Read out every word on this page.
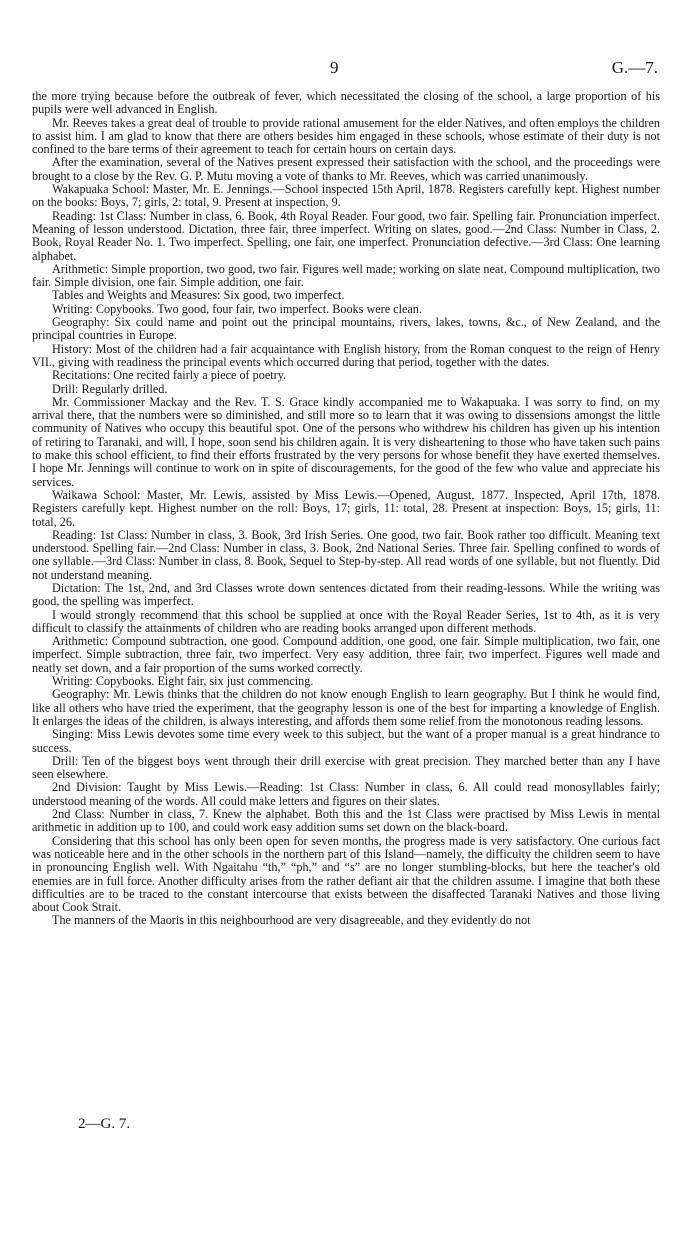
9	G.—7.

the more trying because before the outbreak of fever, which necessitated the closing of the school, a large proportion of his pupils were well advanced in English.

Mr. Reeves takes a great deal of trouble to provide rational amusement for the elder Natives, and often employs the children to assist him. I am glad to know that there are others besides him engaged in these schools, whose estimate of their duty is not confined to the bare terms of their agreement to teach for certain hours on certain days.

After the examination, several of the Natives present expressed their satisfaction with the school, and the proceedings were brought to a close by the Rev. G. P. Mutu moving a vote of thanks to Mr. Reeves, which was carried unanimously.

Wakapuaka School: Master, Mr. E. Jennings.—School inspected 15th April, 1878. Registers carefully kept. Highest number on the books: Boys, 7; girls, 2: total, 9. Present at inspection, 9.

Reading: 1st Class: Number in class, 6. Book, 4th Royal Reader. Four good, two fair. Spelling fair. Pronunciation imperfect. Meaning of lesson understood. Dictation, three fair, three imperfect. Writing on slates, good.—2nd Class: Number in Class, 2. Book, Royal Reader No. 1. Two imperfect. Spelling, one fair, one imperfect. Pronunciation defective.—3rd Class: One learning alphabet.

Arithmetic: Simple proportion, two good, two fair. Figures well made; working on slate neat. Compound multiplication, two fair. Simple division, one fair. Simple addition, one fair.

Tables and Weights and Measures: Six good, two imperfect.

Writing: Copybooks. Two good, four fair, two imperfect. Books were clean.

Geography: Six could name and point out the principal mountains, rivers, lakes, towns, &c., of New Zealand, and the principal countries in Europe.

History: Most of the children had a fair acquaintance with English history, from the Roman conquest to the reign of Henry VII., giving with readiness the principal events which occurred during that period, together with the dates.

Recitations: One recited fairly a piece of poetry.

Drill: Regularly drilled.

Mr. Commissioner Mackay and the Rev. T. S. Grace kindly accompanied me to Wakapuaka. I was sorry to find, on my arrival there, that the numbers were so diminished, and still more so to learn that it was owing to dissensions amongst the little community of Natives who occupy this beautiful spot. One of the persons who withdrew his children has given up his intention of retiring to Taranaki, and will, I hope, soon send his children again. It is very disheartening to those who have taken such pains to make this school efficient, to find their efforts frustrated by the very persons for whose benefit they have exerted themselves. I hope Mr. Jennings will continue to work on in spite of discouragements, for the good of the few who value and appreciate his services.

Waikawa School: Master, Mr. Lewis, assisted by Miss Lewis.—Opened, August, 1877. Inspected, April 17th, 1878. Registers carefully kept. Highest number on the roll: Boys, 17; girls, 11: total, 28. Present at inspection: Boys, 15; girls, 11: total, 26.

Reading: 1st Class: Number in class, 3. Book, 3rd Irish Series. One good, two fair. Book rather too difficult. Meaning text understood. Spelling fair.—2nd Class: Number in class, 3. Book, 2nd National Series. Three fair. Spelling confined to words of one syllable.—3rd Class: Number in class, 8. Book, Sequel to Step-by-step. All read words of one syllable, but not fluently. Did not understand meaning.

Dictation: The 1st, 2nd, and 3rd Classes wrote down sentences dictated from their reading-lessons. While the writing was good, the spelling was imperfect.

I would strongly recommend that this school be supplied at once with the Royal Reader Series, 1st to 4th, as it is very difficult to classify the attainments of children who are reading books arranged upon different methods.

Arithmetic: Compound subtraction, one good. Compound addition, one good, one fair. Simple multiplication, two fair, one imperfect. Simple subtraction, three fair, two imperfect. Very easy addition, three fair, two imperfect. Figures well made and neatly set down, and a fair proportion of the sums worked correctly.

Writing: Copybooks. Eight fair, six just commencing.

Geography: Mr. Lewis thinks that the children do not know enough English to learn geography. But I think he would find, like all others who have tried the experiment, that the geography lesson is one of the best for imparting a knowledge of English. It enlarges the ideas of the children, is always interesting, and affords them some relief from the monotonous reading lessons.

Singing: Miss Lewis devotes some time every week to this subject, but the want of a proper manual is a great hindrance to success.

Drill: Ten of the biggest boys went through their drill exercise with great precision. They marched better than any I have seen elsewhere.

2nd Division: Taught by Miss Lewis.—Reading: 1st Class: Number in class, 6. All could read monosyllables fairly; understood meaning of the words. All could make letters and figures on their slates.

2nd Class: Number in class, 7. Knew the alphabet. Both this and the 1st Class were practised by Miss Lewis in mental arithmetic in addition up to 100, and could work easy addition sums set down on the black-board.

Considering that this school has only been open for seven months, the progress made is very satisfactory. One curious fact was noticeable here and in the other schools in the northern part of this Island—namely, the difficulty the children seem to have in pronouncing English well. With Ngaitahu “th,” “ph,” and “s” are no longer stumbling-blocks, but here the teacher's old enemies are in full force. Another difficulty arises from the rather defiant air that the children assume. I imagine that both these difficulties are to be traced to the constant intercourse that exists between the disaffected Taranaki Natives and those living about Cook Strait.

The manners of the Maoris in this neighbourhood are very disagreeable, and they evidently do not

2—G. 7.
